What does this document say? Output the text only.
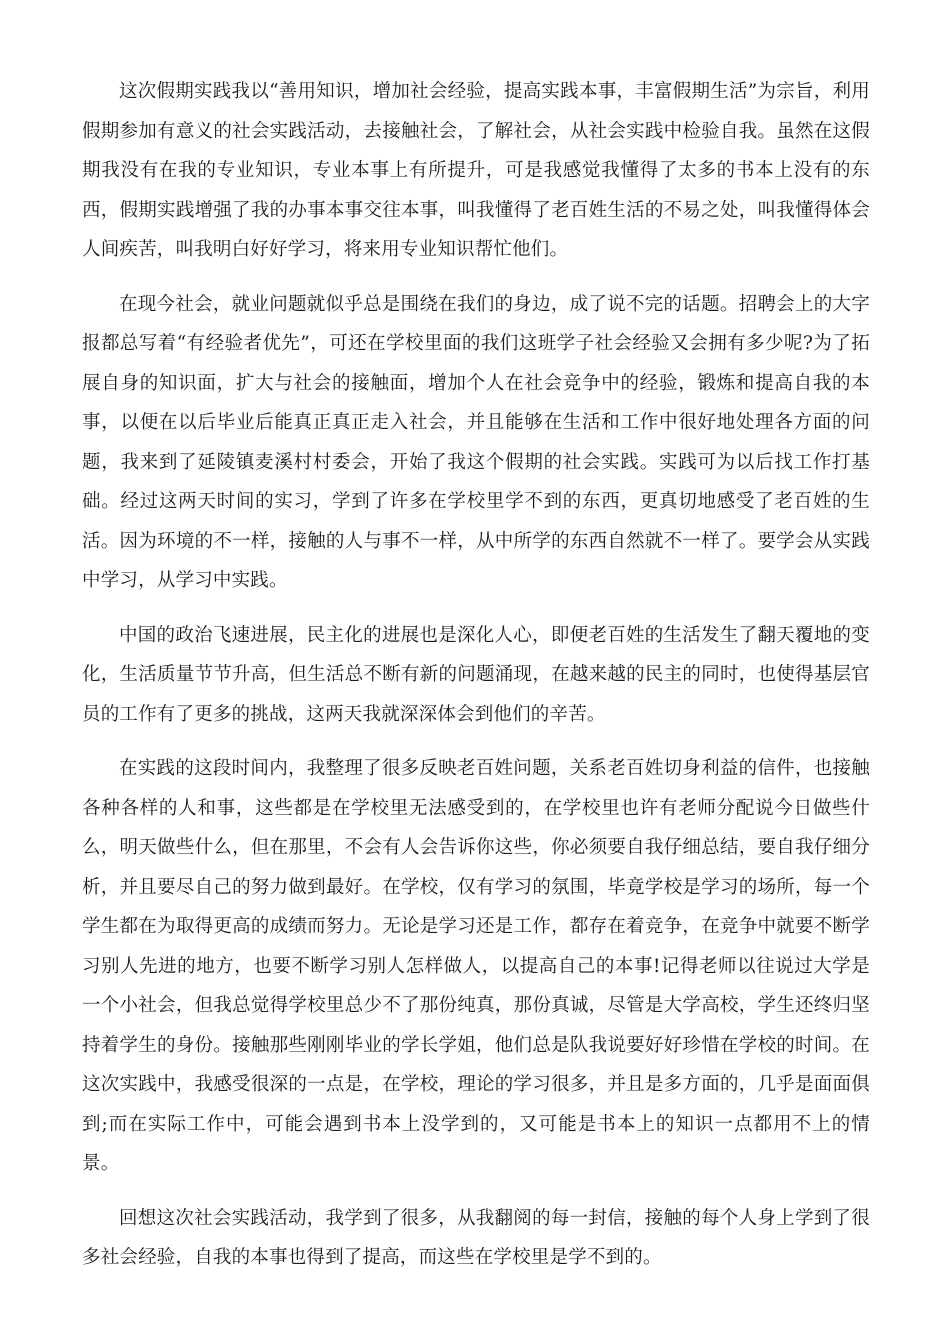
这次假期实践我以“善用知识，增加社会经验，提高实践本事，丰富假期生活”为宗旨，利用假期参加有意义的社会实践活动，去接触社会，了解社会，从社会实践中检验自我。虽然在这假期我没有在我的专业知识，专业本事上有所提升，可是我感觉我懂得了太多的书本上没有的东西，假期实践增强了我的办事本事交往本事，叫我懂得了老百姓生活的不易之处，叫我懂得体会人间疾苦，叫我明白好好学习，将来用专业知识帮忙他们。

在现今社会，就业问题就似乎总是围绕在我们的身边，成了说不完的话题。招聘会上的大字报都总写着“有经验者优先”，可还在学校里面的我们这班学子社会经验又会拥有多少呢?为了拓展自身的知识面，扩大与社会的接触面，增加个人在社会竞争中的经验，锻炼和提高自我的本事，以便在以后毕业后能真正真正走入社会，并且能够在生活和工作中很好地处理各方面的问题，我来到了延陵镇麦溪村村委会，开始了我这个假期的社会实践。实践可为以后找工作打基础。经过这两天时间的实习，学到了许多在学校里学不到的东西，更真切地感受了老百姓的生活。因为环境的不一样，接触的人与事不一样，从中所学的东西自然就不一样了。要学会从实践中学习，从学习中实践。

中国的政治飞速进展，民主化的进展也是深化人心，即便老百姓的生活发生了翻天覆地的变化，生活质量节节升高，但生活总不断有新的问题涌现，在越来越的民主的同时，也使得基层官员的工作有了更多的挑战，这两天我就深深体会到他们的辛苦。

在实践的这段时间内，我整理了很多反映老百姓问题，关系老百姓切身利益的信件，也接触各种各样的人和事，这些都是在学校里无法感受到的，在学校里也许有老师分配说今日做些什么，明天做些什么，但在那里，不会有人会告诉你这些，你必须要自我仔细总结，要自我仔细分析，并且要尽自己的努力做到最好。在学校，仅有学习的氛围，毕竟学校是学习的场所，每一个学生都在为取得更高的成绩而努力。无论是学习还是工作，都存在着竞争，在竞争中就要不断学习别人先进的地方，也要不断学习别人怎样做人，以提高自己的本事!记得老师以往说过大学是一个小社会，但我总觉得学校里总少不了那份纯真，那份真诚，尽管是大学高校，学生还终归坚持着学生的身份。接触那些刚刚毕业的学长学姐，他们总是队我说要好好珍惜在学校的时间。在这次实践中，我感受很深的一点是，在学校，理论的学习很多，并且是多方面的，几乎是面面俱到;而在实际工作中，可能会遇到书本上没学到的，又可能是书本上的知识一点都用不上的情景。

回想这次社会实践活动，我学到了很多，从我翻阅的每一封信，接触的每个人身上学到了很多社会经验，自我的本事也得到了提高，而这些在学校里是学不到的。
